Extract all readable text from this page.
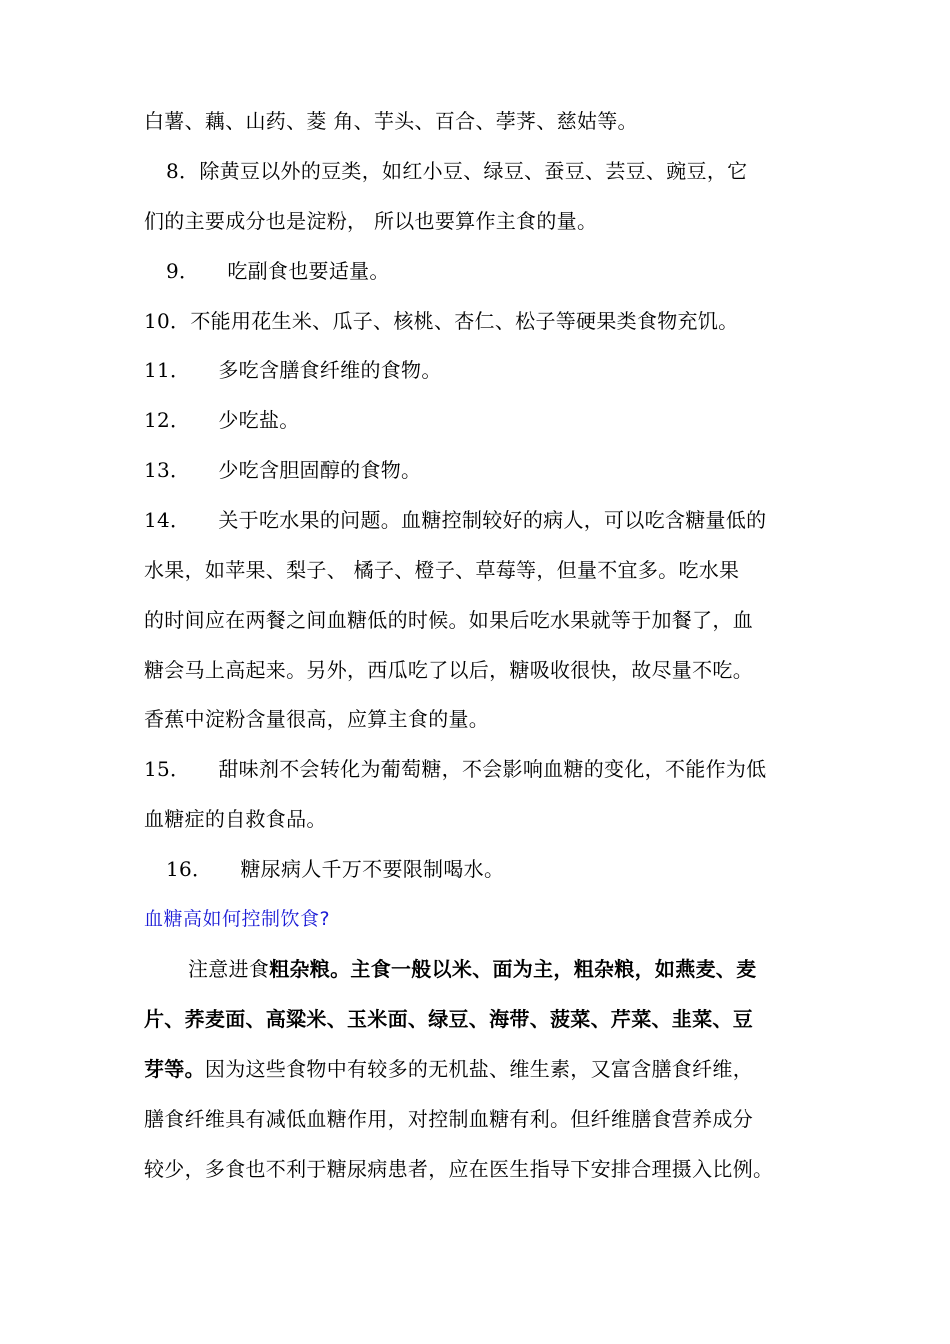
白薯、藕、山药、菱 角、芋头、百合、荸荠、慈姑等。
8．除黄豆以外的豆类，如红小豆、绿豆、蚕豆、芸豆、豌豆，它
们的主要成分也是淀粉， 所以也要算作主食的量。
9． 吃副食也要适量。
10．不能用花生米、瓜子、核桃、杏仁、松子等硬果类食物充饥。
11． 多吃含膳食纤维的食物。
12． 少吃盐。
13． 少吃含胆固醇的食物。
14． 关于吃水果的问题。血糖控制较好的病人，可以吃含糖量低的
水果，如苹果、梨子、 橘子、橙子、草莓等，但量不宜多。吃水果
的时间应在两餐之间血糖低的时候。如果后吃水果就等于加餐了，血
糖会马上高起来。另外，西瓜吃了以后，糖吸收很快，故尽量不吃。
香蕉中淀粉含量很高，应算主食的量。
15． 甜味剂不会转化为葡萄糖，不会影响血糖的变化，不能作为低
血糖症的自救食品。
16． 糖尿病人千万不要限制喝水。
血糖高如何控制饮食?
注意进食粗杂粮。主食一般以米、面为主，粗杂粮，如燕麦、麦
片、荞麦面、高粱米、玉米面、绿豆、海带、菠菜、芹菜、韭菜、豆
芽等。因为这些食物中有较多的无机盐、维生素，又富含膳食纤维，
膳食纤维具有减低血糖作用，对控制血糖有利。但纤维膳食营养成分
较少，多食也不利于糖尿病患者，应在医生指导下安排合理摄入比例。
